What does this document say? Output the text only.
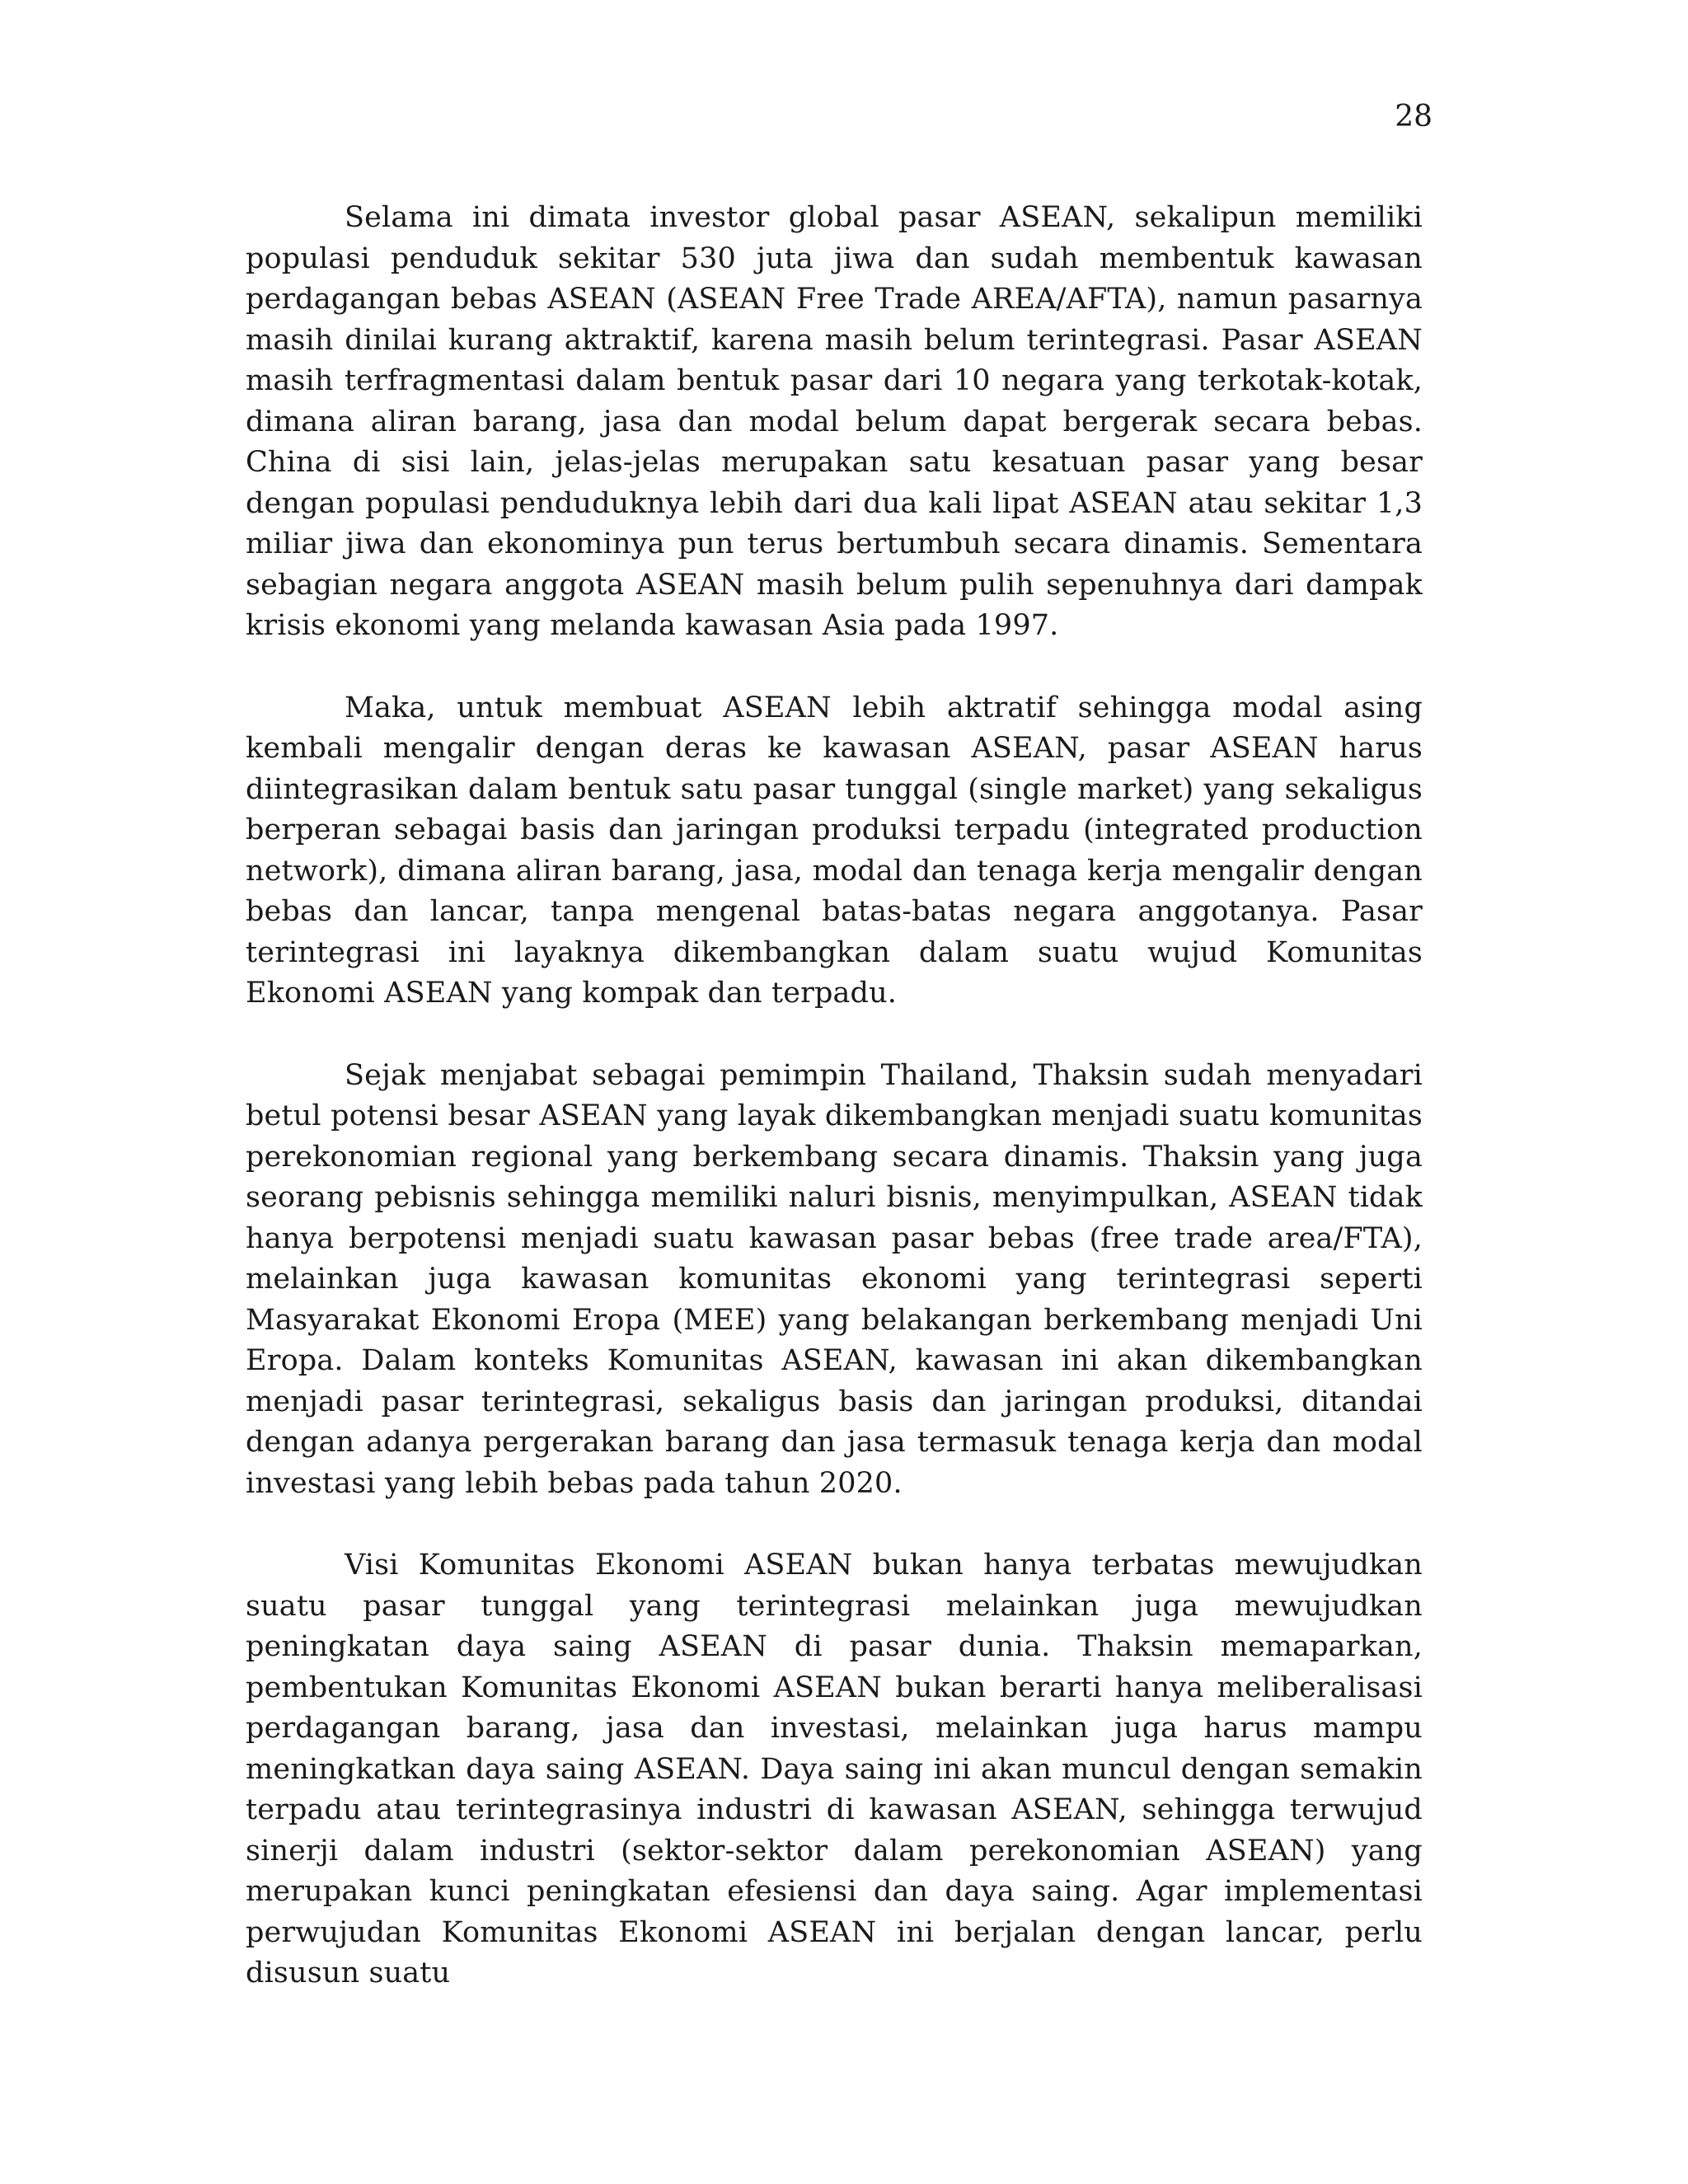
28

Selama ini dimata investor global pasar ASEAN, sekalipun memiliki populasi penduduk sekitar 530 juta jiwa dan sudah membentuk kawasan perdagangan bebas ASEAN (ASEAN Free Trade AREA/AFTA), namun pasarnya masih dinilai kurang aktraktif, karena masih belum terintegrasi. Pasar ASEAN masih terfragmentasi dalam bentuk pasar dari 10 negara yang terkotak-kotak, dimana aliran barang, jasa dan modal belum dapat bergerak secara bebas. China di sisi lain, jelas-jelas merupakan satu kesatuan pasar yang besar dengan populasi penduduknya lebih dari dua kali lipat ASEAN atau sekitar 1,3 miliar jiwa dan ekonominya pun terus bertumbuh secara dinamis. Sementara sebagian negara anggota ASEAN masih belum pulih sepenuhnya dari dampak krisis ekonomi yang melanda kawasan Asia pada 1997.

Maka, untuk membuat ASEAN lebih aktratif sehingga modal asing kembali mengalir dengan deras ke kawasan ASEAN, pasar ASEAN harus diintegrasikan dalam bentuk satu pasar tunggal (single market) yang sekaligus berperan sebagai basis dan jaringan produksi terpadu (integrated production network), dimana aliran barang, jasa, modal dan tenaga kerja mengalir dengan bebas dan lancar, tanpa mengenal batas-batas negara anggotanya. Pasar terintegrasi ini layaknya dikembangkan dalam suatu wujud Komunitas Ekonomi ASEAN yang kompak dan terpadu.

Sejak menjabat sebagai pemimpin Thailand, Thaksin sudah menyadari betul potensi besar ASEAN yang layak dikembangkan menjadi suatu komunitas perekonomian regional yang berkembang secara dinamis. Thaksin yang juga seorang pebisnis sehingga memiliki naluri bisnis, menyimpulkan, ASEAN tidak hanya berpotensi menjadi suatu kawasan pasar bebas (free trade area/FTA), melainkan juga kawasan komunitas ekonomi yang terintegrasi seperti Masyarakat Ekonomi Eropa (MEE) yang belakangan berkembang menjadi Uni Eropa. Dalam konteks Komunitas ASEAN, kawasan ini akan dikembangkan menjadi pasar terintegrasi, sekaligus basis dan jaringan produksi, ditandai dengan adanya pergerakan barang dan jasa termasuk tenaga kerja dan modal investasi yang lebih bebas pada tahun 2020.

Visi Komunitas Ekonomi ASEAN bukan hanya terbatas mewujudkan suatu pasar tunggal yang terintegrasi melainkan juga mewujudkan peningkatan daya saing ASEAN di pasar dunia. Thaksin memaparkan, pembentukan Komunitas Ekonomi ASEAN bukan berarti hanya meliberalisasi perdagangan barang, jasa dan investasi, melainkan juga harus mampu meningkatkan daya saing ASEAN. Daya saing ini akan muncul dengan semakin terpadu atau terintegrasinya industri di kawasan ASEAN, sehingga terwujud sinerji dalam industri (sektor-sektor dalam perekonomian ASEAN) yang merupakan kunci peningkatan efesiensi dan daya saing. Agar implementasi perwujudan Komunitas Ekonomi ASEAN ini berjalan dengan lancar, perlu disusun suatu
